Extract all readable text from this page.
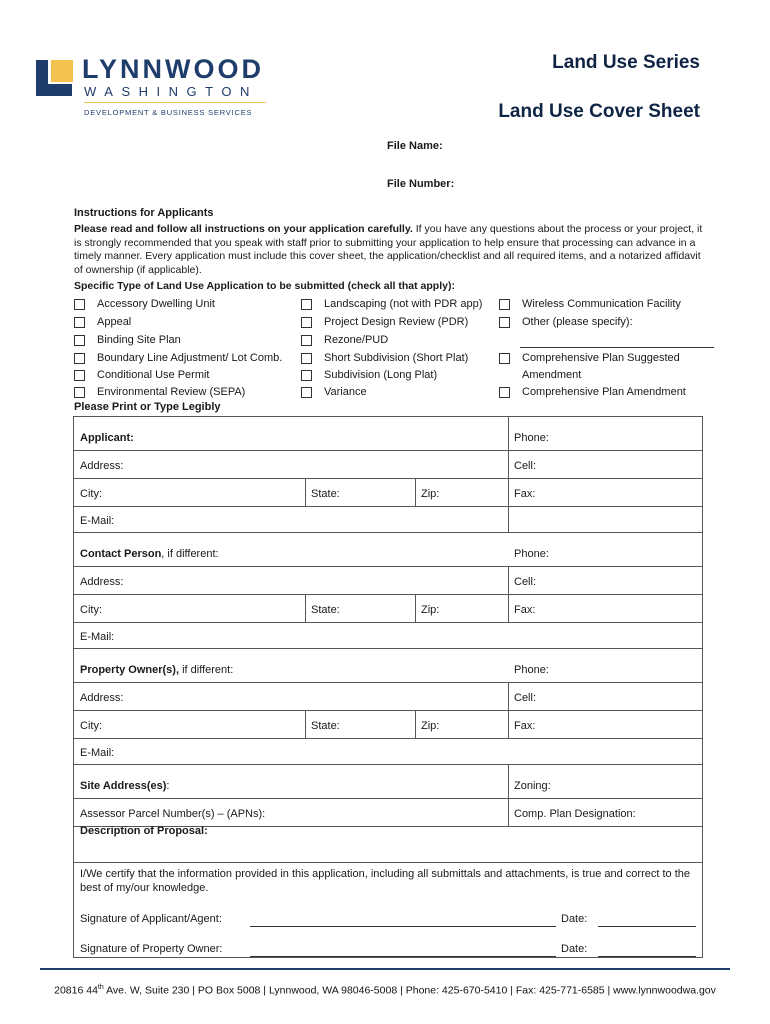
LYNNWOOD
WASHINGTON
DEVELOPMENT & BUSINESS SERVICES
Land Use Series
Land Use Cover Sheet
File Name:
File Number:
Instructions for Applicants
Please read and follow all instructions on your application carefully. If you have any questions about the process or your project, it is strongly recommended that you speak with staff prior to submitting your application to help ensure that processing can advance in a timely manner. Every application must include this cover sheet, the application/checklist and all required items, and a notarized affidavit of ownership (if applicable).
Specific Type of Land Use Application to be submitted (check all that apply):
Accessory Dwelling Unit
Appeal
Binding Site Plan
Boundary Line Adjustment/ Lot Comb.
Conditional Use Permit
Environmental Review (SEPA)
Landscaping (not with PDR app)
Project Design Review (PDR)
Rezone/PUD
Short Subdivision (Short Plat)
Subdivision (Long Plat)
Variance
Wireless Communication Facility
Other (please specify):
Comprehensive Plan Suggested
Amendment
Comprehensive Plan Amendment
Please Print or Type Legibly
Applicant:	Phone:
Address:	Cell:
City:	State:	Zip:	Fax:
E-Mail:
Contact Person, if different:	Phone:
Address:	Cell:
City:	State:	Zip:	Fax:
E-Mail:
Property Owner(s), if different:	Phone:
Address:	Cell:
City:	State:	Zip:	Fax:
E-Mail:
Site Address(es):	Zoning:
Assessor Parcel Number(s) – (APNs):	Comp. Plan Designation:
Description of Proposal:
I/We certify that the information provided in this application, including all submittals and attachments, is true and correct to the best of my/our knowledge.
Signature of Applicant/Agent:	Date:
Signature of Property Owner:	Date:
20816 44th Ave. W, Suite 230 | PO Box 5008 | Lynnwood, WA 98046-5008 | Phone: 425-670-5410 | Fax: 425-771-6585 | www.lynnwoodwa.gov
